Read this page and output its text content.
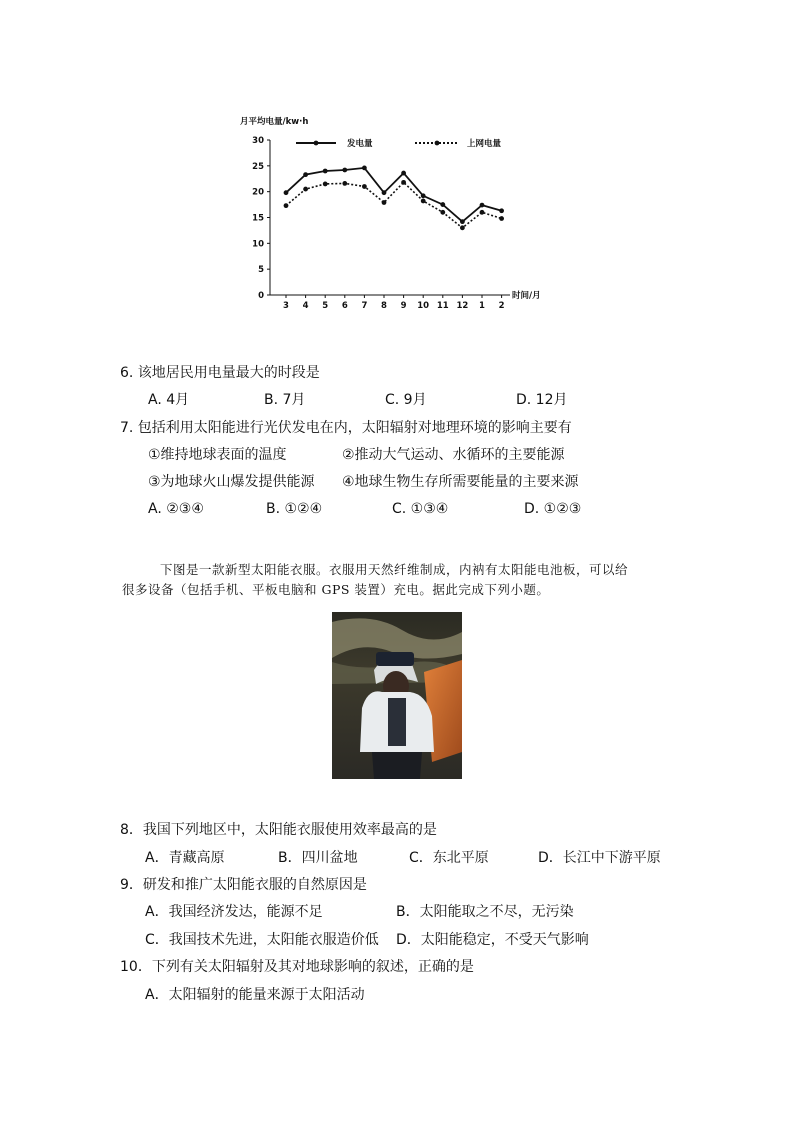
月平均电量/kw·h
0
5
10
15
20
25
30
3 4 5 6 7 8 9 10 11 12 1 2
时间/月
发电量	上网电量
6. 该地居民用电量最大的时段是
A. 4月	B. 7月	C. 9月	D. 12月
7. 包括利用太阳能进行光伏发电在内，太阳辐射对地理环境的影响主要有
①维持地球表面的温度	②推动大气运动、水循环的主要能源
③为地球火山爆发提供能源 ④地球生物生存所需要能量的主要来源
A. ②③④	B. ①②④	C. ①③④	D. ①②③
下图是一款新型太阳能衣服。衣服用天然纤维制成，内衲有太阳能电池板，可以给
很多设备（包括手机、平板电脑和 GPS 装置）充电。据此完成下列小题。
8．我国下列地区中，太阳能衣服使用效率最高的是
A．青藏高原	B．四川盆地	C．东北平原	D．长江中下游平原
9．研发和推广太阳能衣服的自然原因是
A．我国经济发达，能源不足	B．太阳能取之不尽，无污染
C．我国技术先进，太阳能衣服造价低 D．太阳能稳定，不受天气影响
10．下列有关太阳辐射及其对地球影响的叙述，正确的是
A．太阳辐射的能量来源于太阳活动
